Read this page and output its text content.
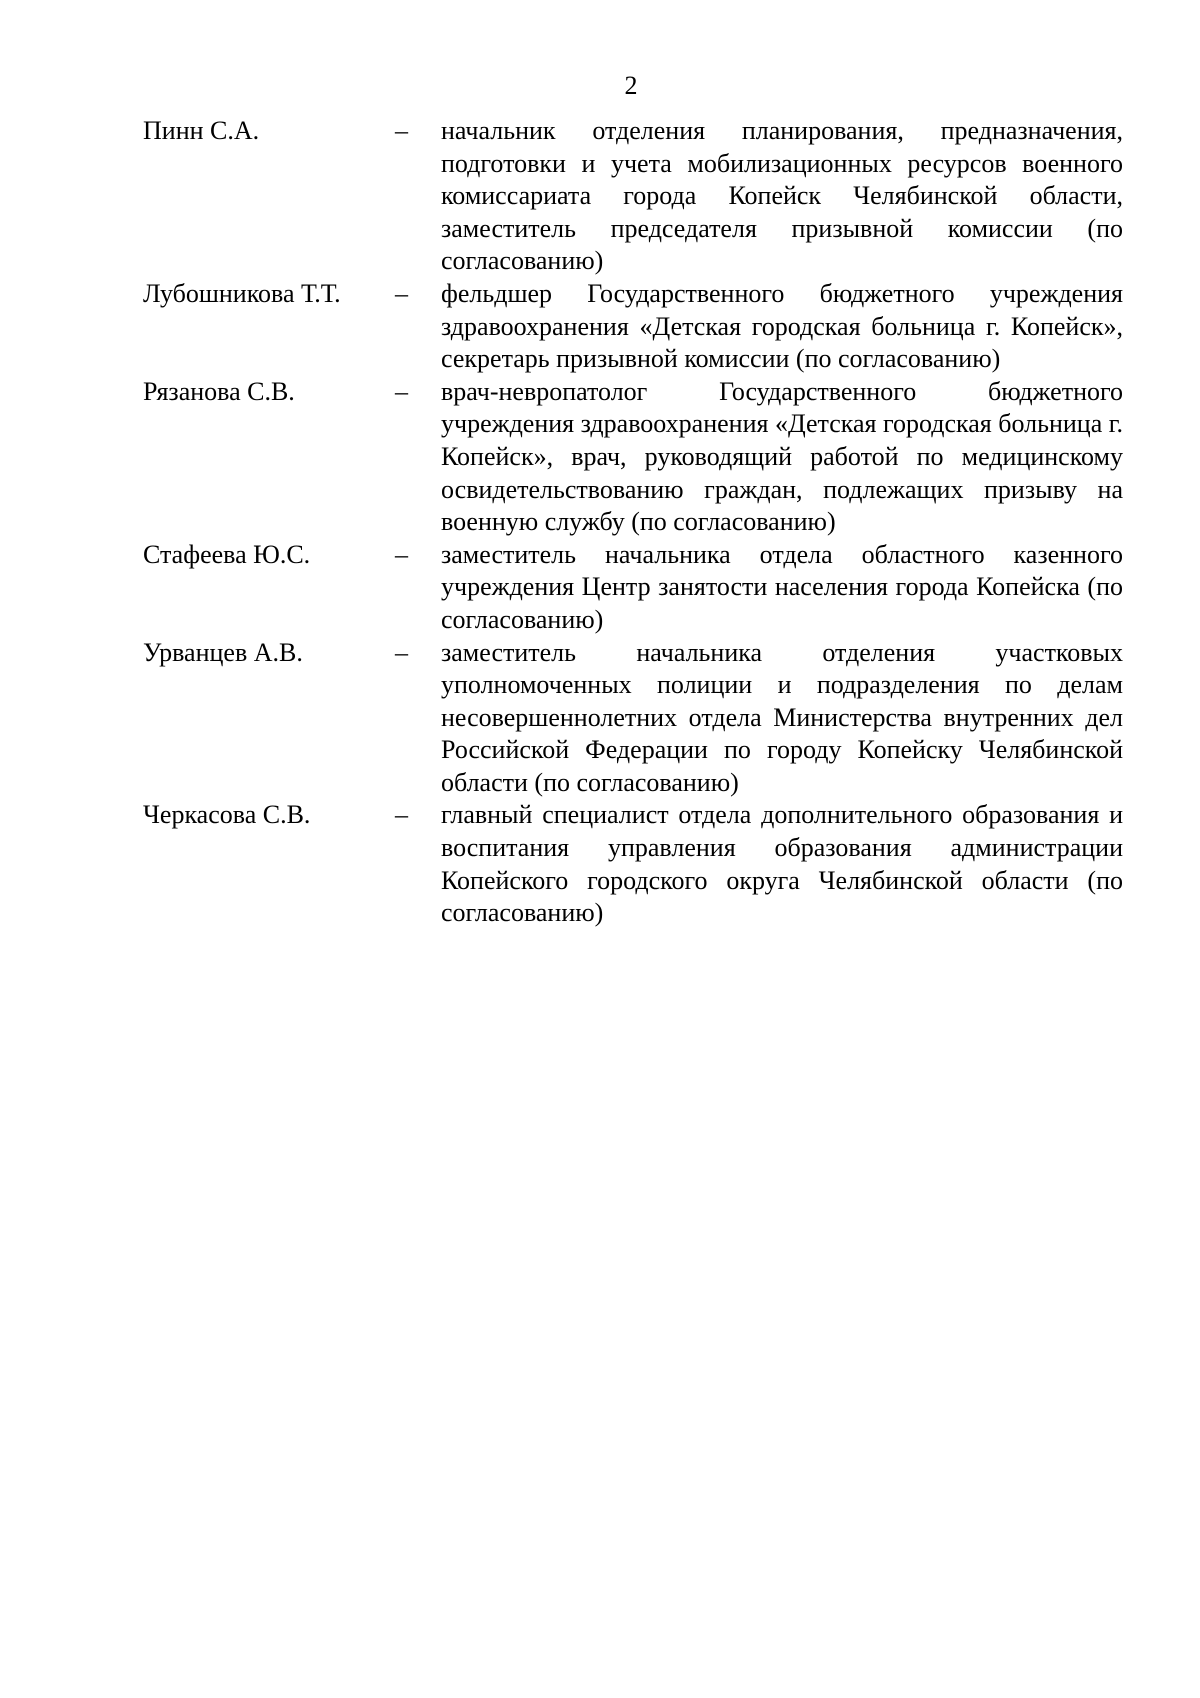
2
Пинн С.А.	–	начальник отделения планирования, предназначения, подготовки и учета мобилизационных ресурсов военного комиссариата города Копейск Челябинской области, заместитель председателя призывной комиссии (по согласованию)
Лубошникова Т.Т.	–	фельдшер Государственного бюджетного учреждения здравоохранения «Детская городская больница г. Копейск», секретарь призывной комиссии (по согласованию)
Рязанова С.В.	–	врач-невропатолог Государственного бюджетного учреждения здравоохранения «Детская городская больница г. Копейск», врач, руководящий работой по медицинскому освидетельствованию граждан, подлежащих призыву на военную службу (по согласованию)
Стафеева Ю.С.	–	заместитель начальника отдела областного казенного учреждения Центр занятости населения города Копейска (по согласованию)
Урванцев А.В.	–	заместитель начальника отделения участковых уполномоченных полиции и подразделения по делам несовершеннолетних отдела Министерства внутренних дел Российской Федерации по городу Копейску Челябинской области (по согласованию)
Черкасова С.В.	–	главный специалист отдела дополнительного образования и воспитания управления образования администрации Копейского городского округа Челябинской области (по согласованию)
